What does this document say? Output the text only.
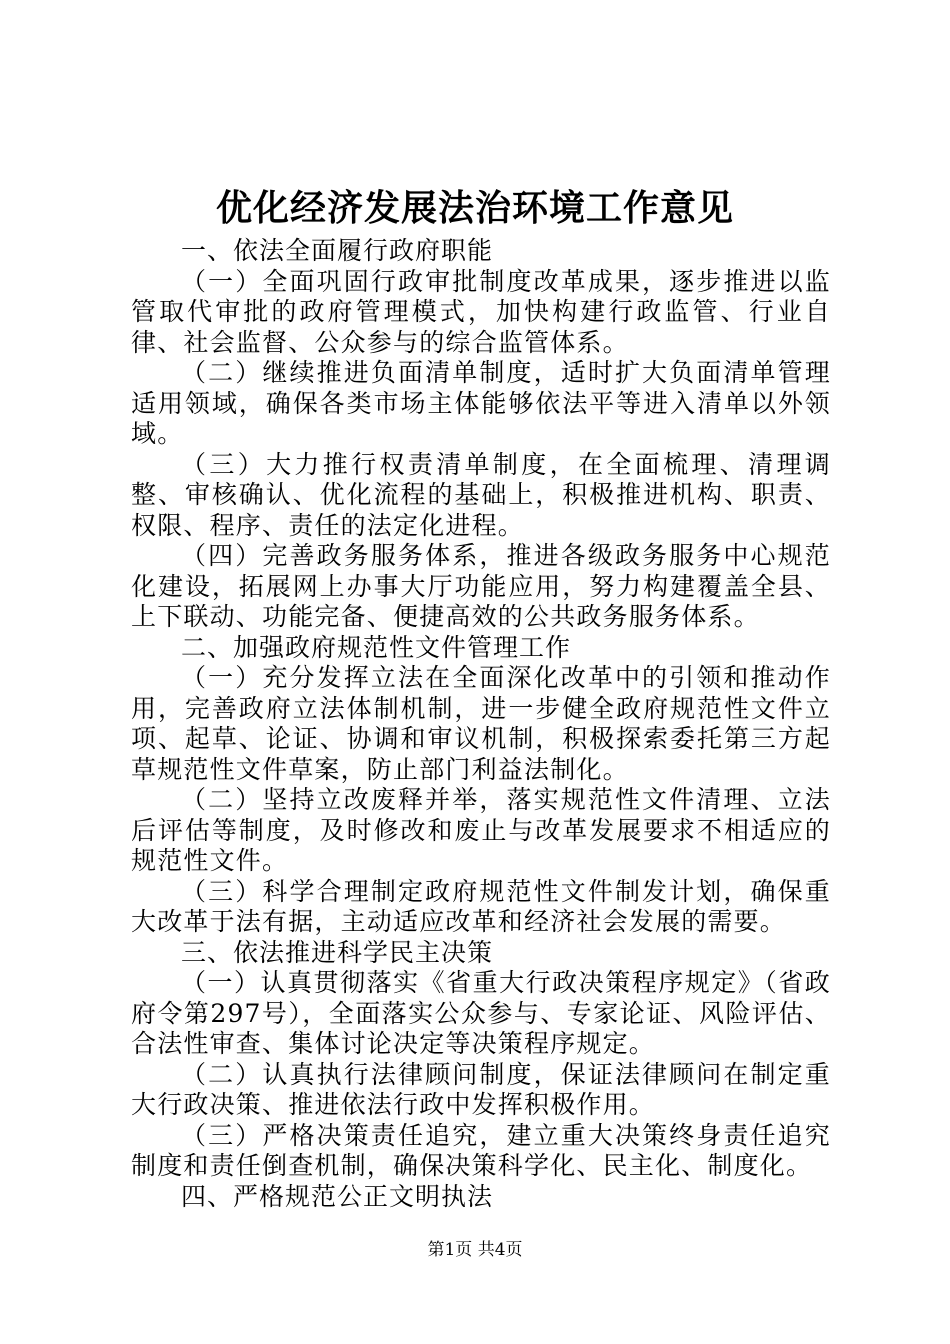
优化经济发展法治环境工作意见

一、依法全面履行政府职能

（一）全面巩固行政审批制度改革成果，逐步推进以监管取代审批的政府管理模式，加快构建行政监管、行业自律、社会监督、公众参与的综合监管体系。

（二）继续推进负面清单制度，适时扩大负面清单管理适用领域，确保各类市场主体能够依法平等进入清单以外领域。

（三）大力推行权责清单制度，在全面梳理、清理调整、审核确认、优化流程的基础上，积极推进机构、职责、权限、程序、责任的法定化进程。

（四）完善政务服务体系，推进各级政务服务中心规范化建设，拓展网上办事大厅功能应用，努力构建覆盖全县、上下联动、功能完备、便捷高效的公共政务服务体系。

二、加强政府规范性文件管理工作

（一）充分发挥立法在全面深化改革中的引领和推动作用，完善政府立法体制机制，进一步健全政府规范性文件立项、起草、论证、协调和审议机制，积极探索委托第三方起草规范性文件草案，防止部门利益法制化。

（二）坚持立改废释并举，落实规范性文件清理、立法后评估等制度，及时修改和废止与改革发展要求不相适应的规范性文件。

（三）科学合理制定政府规范性文件制发计划，确保重大改革于法有据，主动适应改革和经济社会发展的需要。

三、依法推进科学民主决策

（一）认真贯彻落实《省重大行政决策程序规定》（省政府令第297号），全面落实公众参与、专家论证、风险评估、合法性审查、集体讨论决定等决策程序规定。

（二）认真执行法律顾问制度，保证法律顾问在制定重大行政决策、推进依法行政中发挥积极作用。

（三）严格决策责任追究，建立重大决策终身责任追究制度和责任倒查机制，确保决策科学化、民主化、制度化。

四、严格规范公正文明执法

第1页 共4页
